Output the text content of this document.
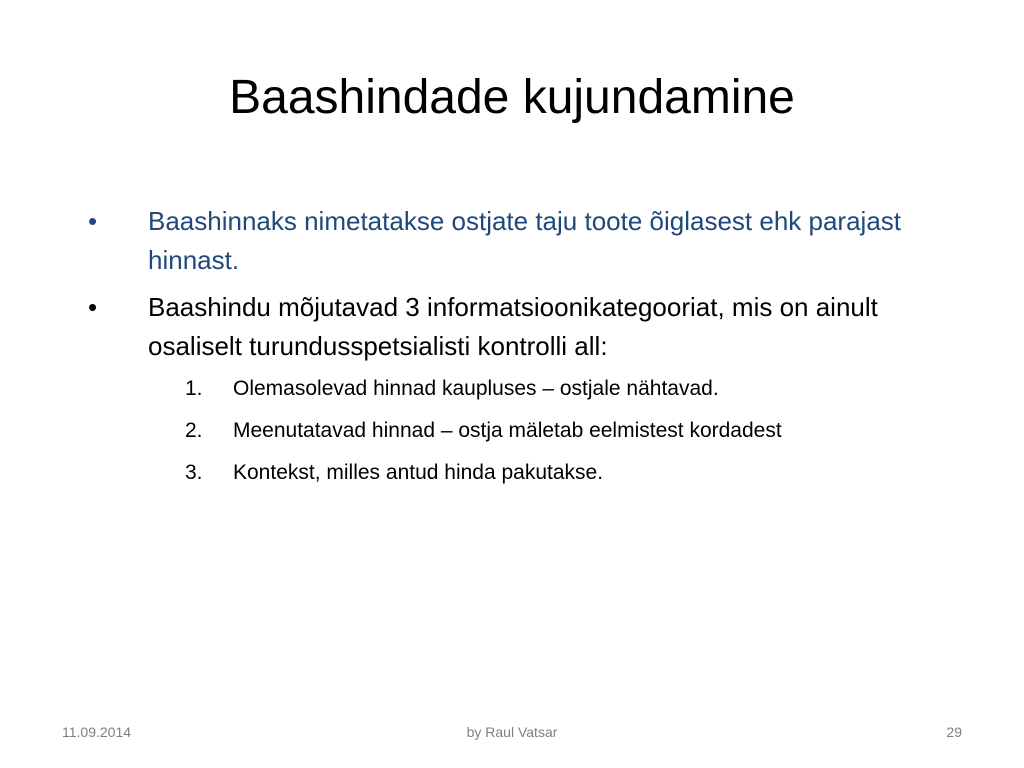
Baashindade kujundamine
•	Baashinnaks nimetatakse ostjate taju toote õiglasest ehk parajast hinnast.
•	Baashindu mõjutavad 3 informatsioonikategooriat, mis on ainult osaliselt turundusspetsialisti kontrolli all:
1.	Olemasolevad hinnad kaupluses – ostjale nähtavad.
2.	Meenutatavad hinnad – ostja mäletab eelmistest kordadest
3.	Kontekst, milles antud hinda pakutakse.
by Raul Vatsar
11.09.2014	29
